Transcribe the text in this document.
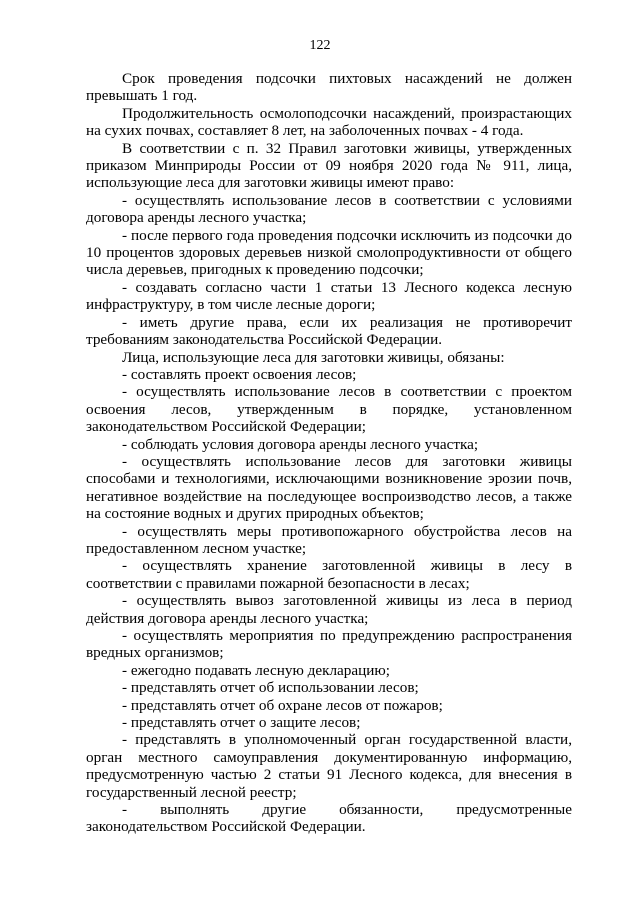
122

Срок проведения подсочки пихтовых насаждений не должен превышать 1 год.

Продолжительность осмолоподсочки насаждений, произрастающих на сухих почвах, составляет 8 лет, на заболоченных почвах - 4 года.

В соответствии с п. 32 Правил заготовки живицы, утвержденных приказом Минприроды России от 09 ноября 2020 года № 911, лица, использующие леса для заготовки живицы имеют право:

- осуществлять использование лесов в соответствии с условиями договора аренды лесного участка;

- после первого года проведения подсочки исключить из подсочки до 10 процентов здоровых деревьев низкой смолопродуктивности от общего числа деревьев, пригодных к проведению подсочки;

- создавать согласно части 1 статьи 13 Лесного кодекса лесную инфраструктуру, в том числе лесные дороги;

- иметь другие права, если их реализация не противоречит требованиям законодательства Российской Федерации.

Лица, использующие леса для заготовки живицы, обязаны:

- составлять проект освоения лесов;

- осуществлять использование лесов в соответствии с проектом освоения лесов, утвержденным в порядке, установленном законодательством Российской Федерации;

- соблюдать условия договора аренды лесного участка;

- осуществлять использование лесов для заготовки живицы способами и технологиями, исключающими возникновение эрозии почв, негативное воздействие на последующее воспроизводство лесов, а также на состояние водных и других природных объектов;

- осуществлять меры противопожарного обустройства лесов на предоставленном лесном участке;

- осуществлять хранение заготовленной живицы в лесу в соответствии с правилами пожарной безопасности в лесах;

- осуществлять вывоз заготовленной живицы из леса в период действия договора аренды лесного участка;

- осуществлять мероприятия по предупреждению распространения вредных организмов;

- ежегодно подавать лесную декларацию;

- представлять отчет об использовании лесов;

- представлять отчет об охране лесов от пожаров;

- представлять отчет о защите лесов;

- представлять в уполномоченный орган государственной власти, орган местного самоуправления документированную информацию, предусмотренную частью 2 статьи 91 Лесного кодекса, для внесения в государственный лесной реестр;

- выполнять другие обязанности, предусмотренные законодательством Российской Федерации.
